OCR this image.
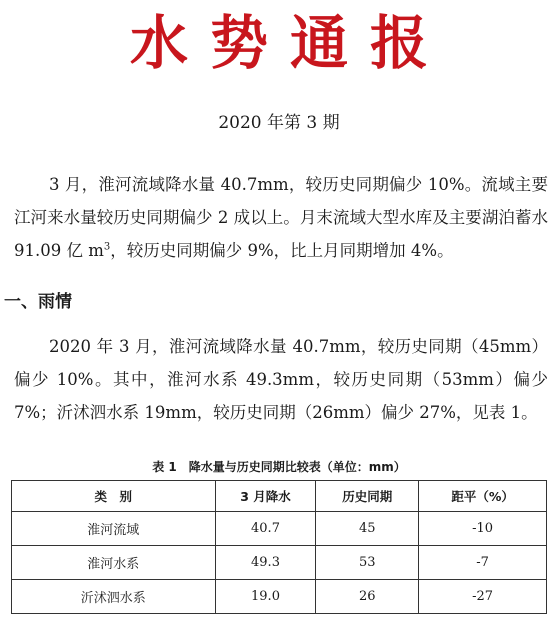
水势通报
2020 年第 3 期

3 月，淮河流域降水量 40.7mm，较历史同期偏少 10%。流域主要江河来水量较历史同期偏少 2 成以上。月末流域大型水库及主要湖泊蓄水 91.09 亿 $m^3$，较历史同期偏少 9%，比上月同期增加 4%。

一、雨情

2020 年 3 月，淮河流域降水量 40.7mm，较历史同期（45mm）偏少 10%。其中，淮河水系 49.3mm，较历史同期（53mm）偏少 7%；沂沭泗水系 19mm，较历史同期（26mm）偏少 27%，见表 1。

表 1　降水量与历史同期比较表（单位：mm）
类　别	3 月降水	历史同期	距平（%）
淮河流域	40.7	45	-10
淮河水系	49.3	53	-7
沂沭泗水系	19.0	26	-27
